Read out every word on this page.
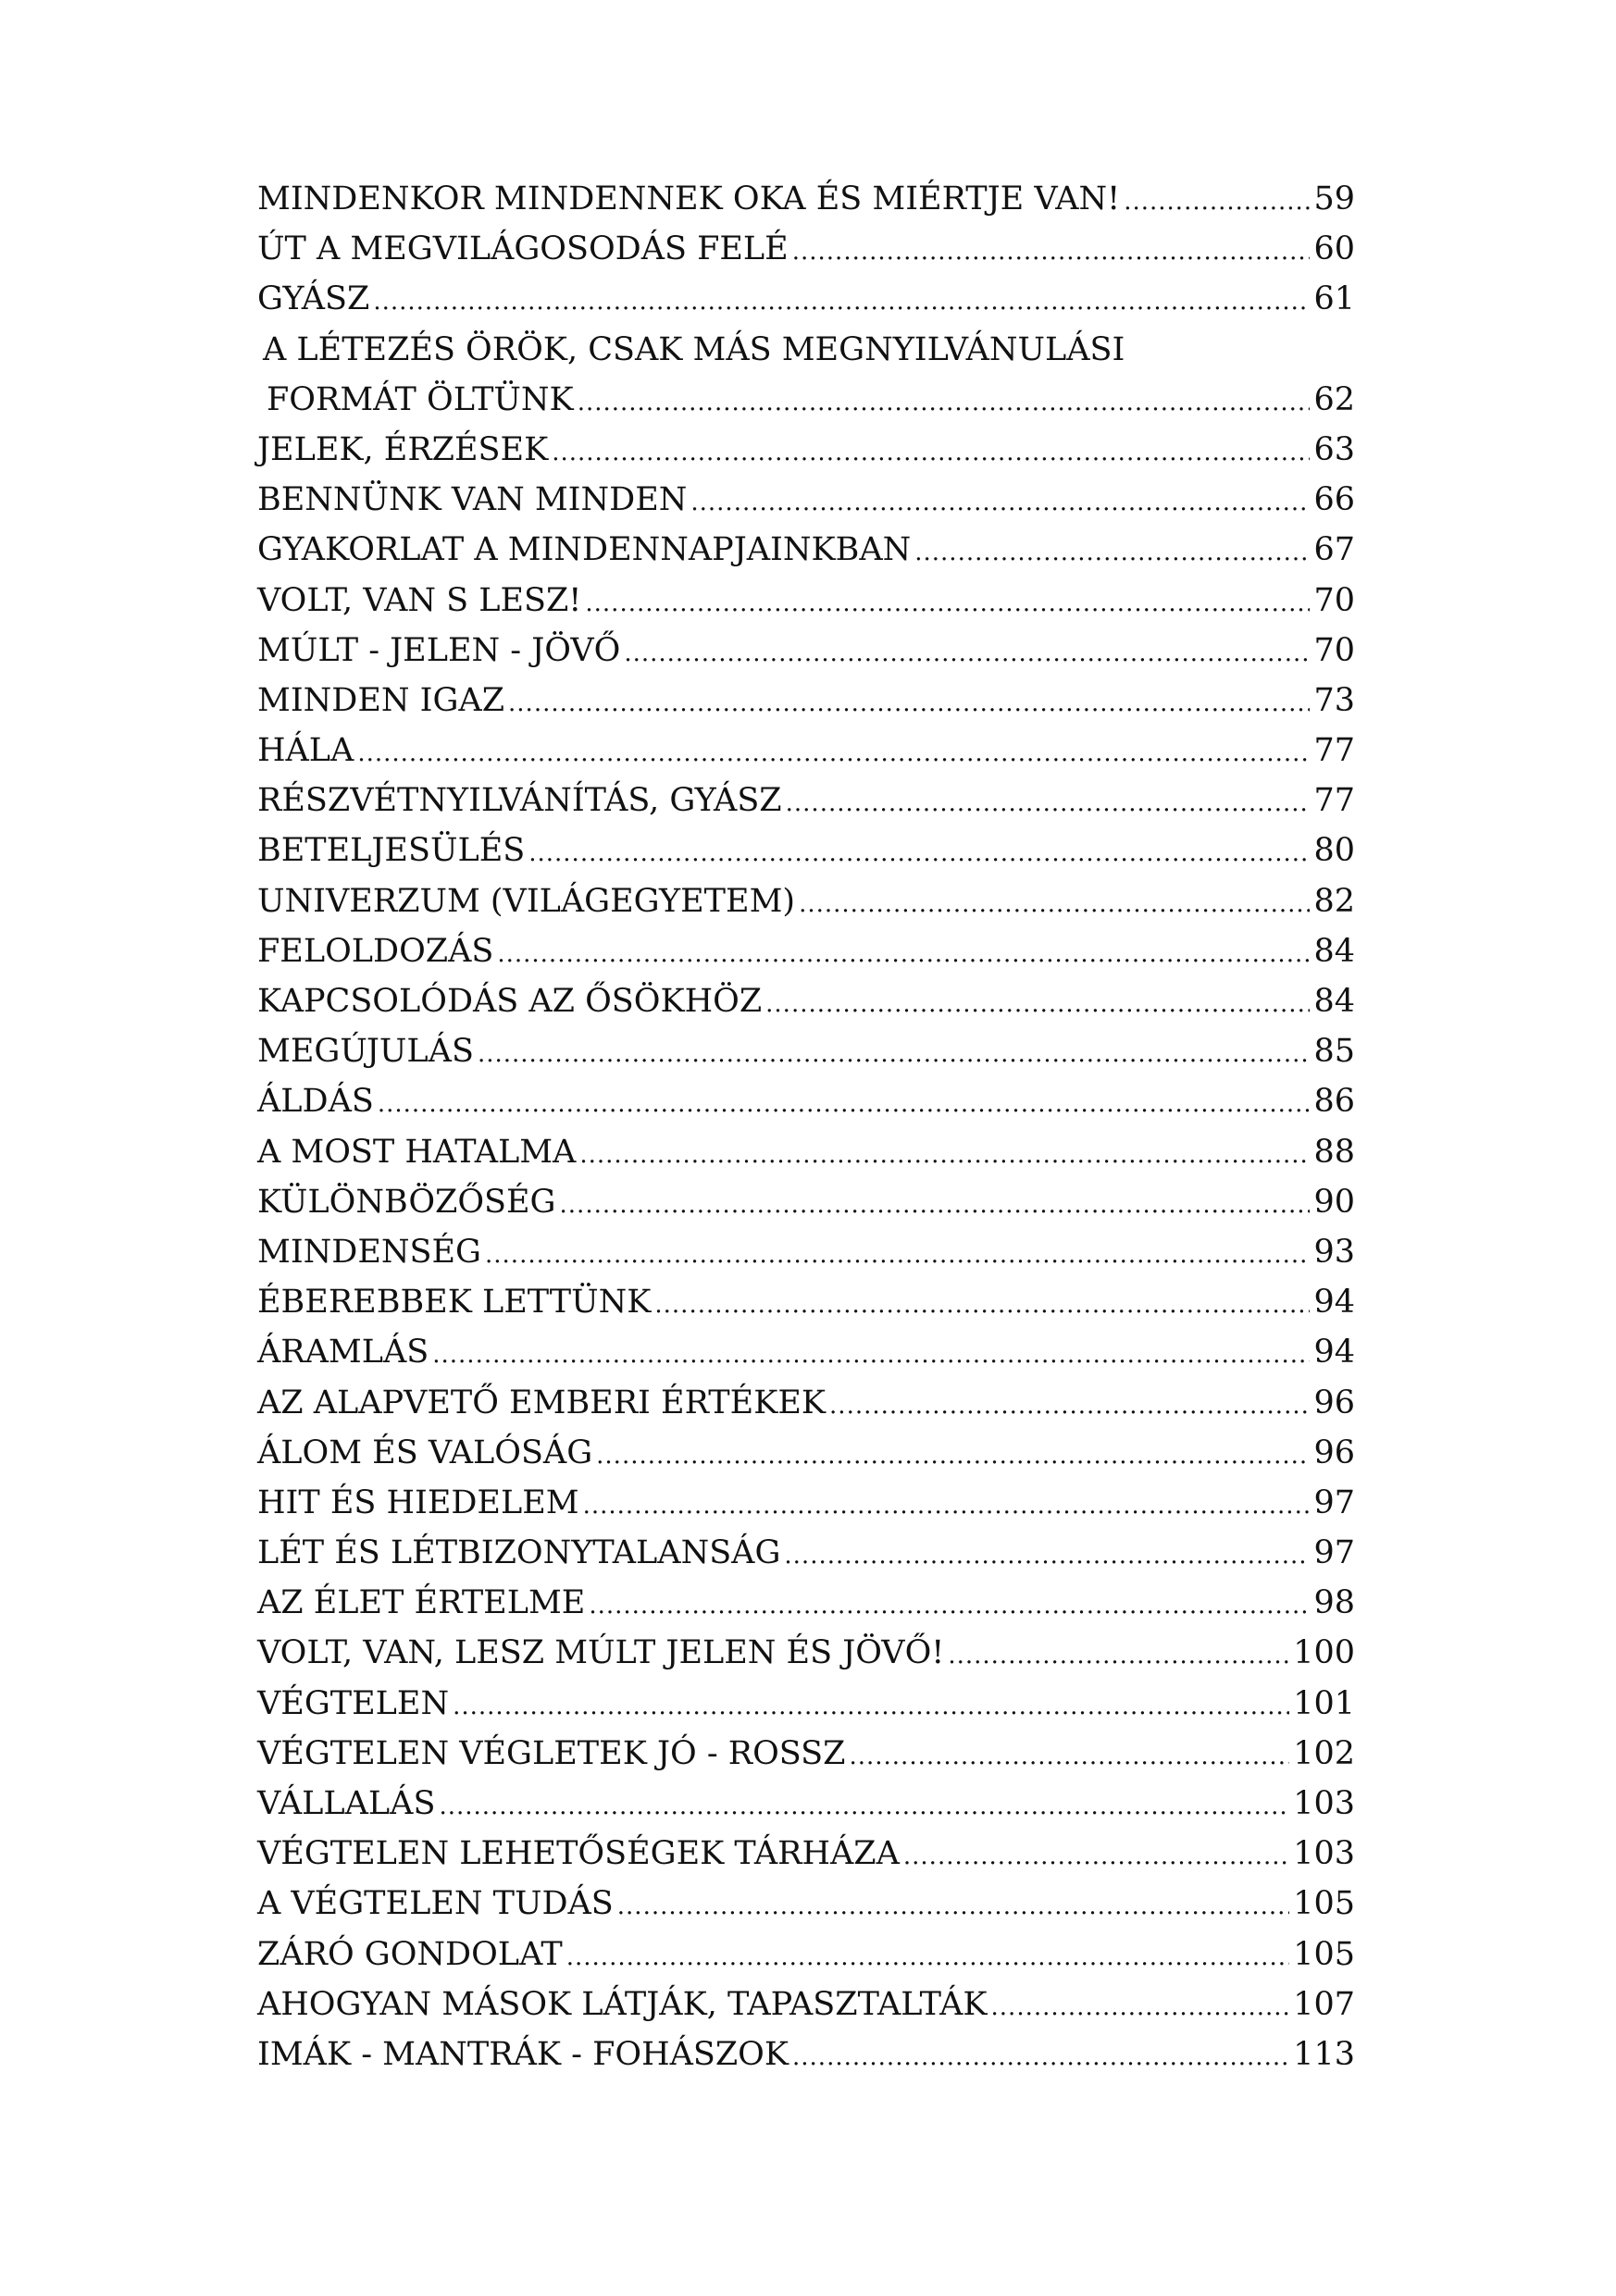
MINDENKOR MINDENNEK OKA ÉS MIÉRTJE VAN! .....	59
ÚT A MEGVILÁGOSODÁS FELÉ .....	60
GYÁSZ .....	61
A LÉTEZÉS ÖRÖK, CSAK MÁS MEGNYILVÁNULÁSI
FORMÁT ÖLTÜNK .....	62
JELEK, ÉRZÉSEK .....	63
BENNÜNK VAN MINDEN .....	66
GYAKORLAT A MINDENNAPJAINKBAN .....	67
VOLT, VAN S LESZ! .....	70
MÚLT - JELEN - JÖVŐ .....	70
MINDEN IGAZ .....	73
HÁLA .....	77
RÉSZVÉTNYILVÁNÍTÁS, GYÁSZ .....	77
BETELJESÜLÉS .....	80
UNIVERZUM (VILÁGEGYETEM) .....	82
FELOLDOZÁS .....	84
KAPCSOLÓDÁS AZ ŐSÖKHÖZ .....	84
MEGÚJULÁS .....	85
ÁLDÁS .....	86
A MOST HATALMA .....	88
KÜLÖNBÖZŐSÉG .....	90
MINDENSÉG .....	93
ÉBEREBBEK LETTÜNK .....	94
ÁRAMLÁS .....	94
AZ ALAPVETŐ EMBERI ÉRTÉKEK .....	96
ÁLOM ÉS VALÓSÁG .....	96
HIT ÉS HIEDELEM .....	97
LÉT ÉS LÉTBIZONYTALANSÁG .....	97
AZ ÉLET ÉRTELME .....	98
VOLT, VAN, LESZ MÚLT JELEN ÉS JÖVŐ! .....	100
VÉGTELEN .....	101
VÉGTELEN VÉGLETEK JÓ - ROSSZ .....	102
VÁLLALÁS .....	103
VÉGTELEN LEHETŐSÉGEK TÁRHÁZA .....	103
A VÉGTELEN TUDÁS .....	105
ZÁRÓ GONDOLAT .....	105
AHOGYAN MÁSOK LÁTJÁK, TAPASZTALTÁK .....	107
IMÁK - MANTRÁK - FOHÁSZOK .....	113
